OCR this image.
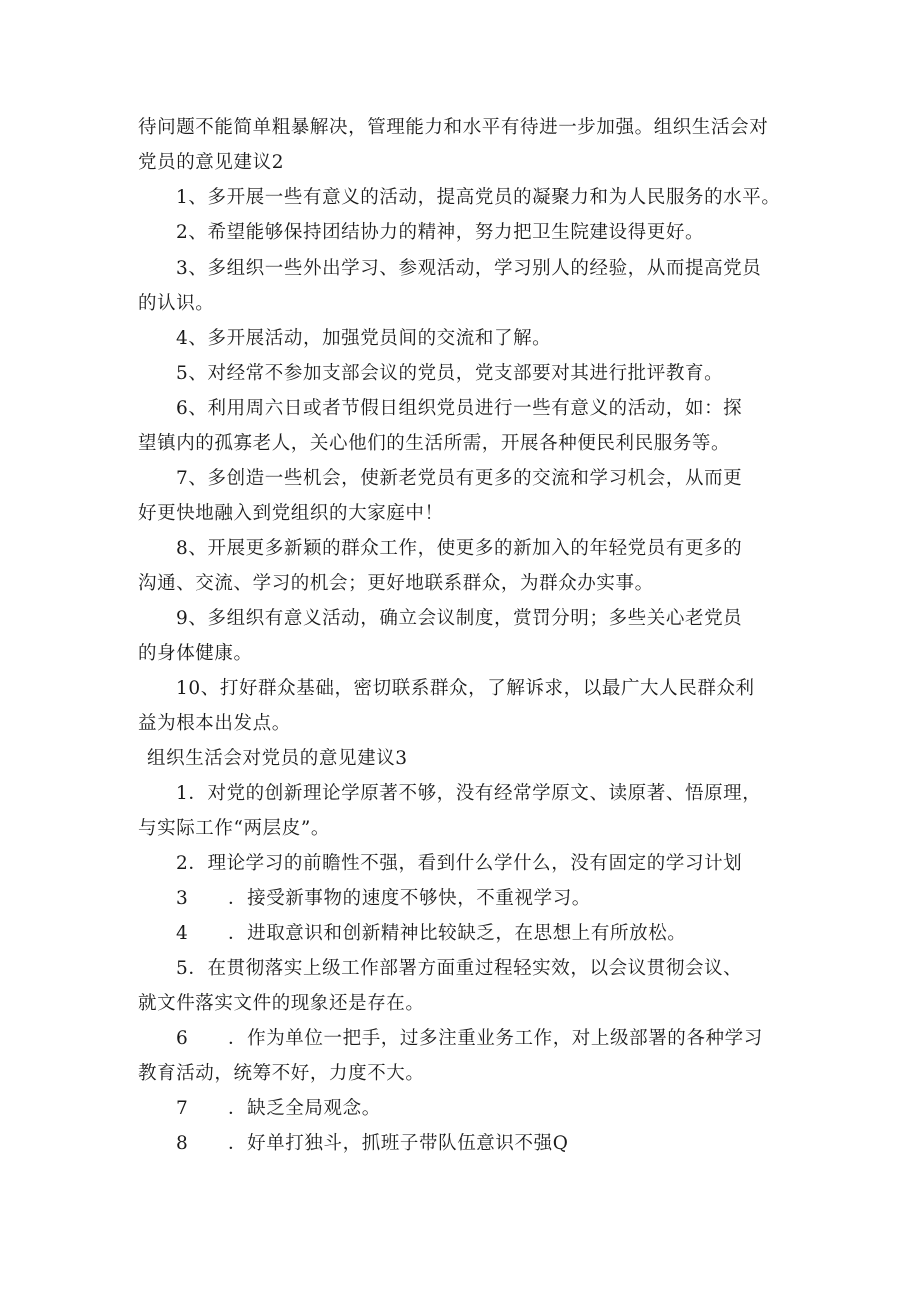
待问题不能简单粗暴解决，管理能力和水平有待进一步加强。组织生活会对
党员的意见建议2
1、多开展一些有意义的活动，提高党员的凝聚力和为人民服务的水平。
2、希望能够保持团结协力的精神，努力把卫生院建设得更好。
3、多组织一些外出学习、参观活动，学习别人的经验，从而提高党员
的认识。
4、多开展活动，加强党员间的交流和了解。
5、对经常不参加支部会议的党员，党支部要对其进行批评教育。
6、利用周六日或者节假日组织党员进行一些有意义的活动，如：探
望镇内的孤寡老人，关心他们的生活所需，开展各种便民利民服务等。
7、多创造一些机会，使新老党员有更多的交流和学习机会，从而更
好更快地融入到党组织的大家庭中！
8、开展更多新颖的群众工作，使更多的新加入的年轻党员有更多的
沟通、交流、学习的机会；更好地联系群众，为群众办实事。
9、多组织有意义活动，确立会议制度，赏罚分明；多些关心老党员
的身体健康。
10、打好群众基础，密切联系群众，了解诉求，以最广大人民群众利
益为根本出发点。
组织生活会对党员的意见建议3
1．对党的创新理论学原著不够，没有经常学原文、读原著、悟原理，
与实际工作“两层皮”。
2．理论学习的前瞻性不强，看到什么学什么，没有固定的学习计划
3 ．接受新事物的速度不够快，不重视学习。
4 ．进取意识和创新精神比较缺乏，在思想上有所放松。
5．在贯彻落实上级工作部署方面重过程轻实效，以会议贯彻会议、
就文件落实文件的现象还是存在。
6 ．作为单位一把手，过多注重业务工作，对上级部署的各种学习
教育活动，统筹不好，力度不大。
7 ．缺乏全局观念。
8 ．好单打独斗，抓班子带队伍意识不强Q
